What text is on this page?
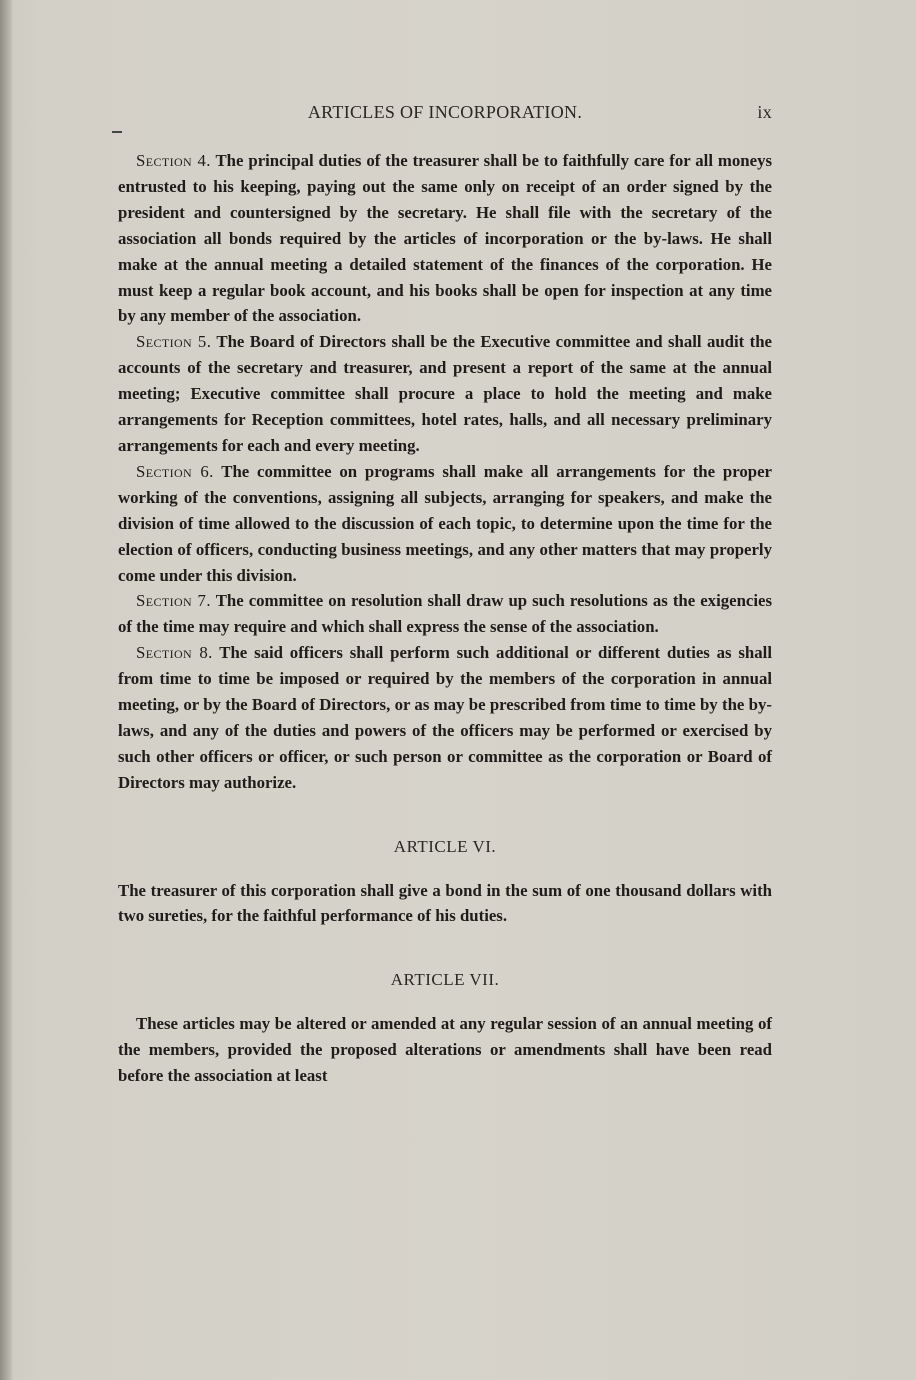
ARTICLES OF INCORPORATION.	ix

Section 4. The principal duties of the treasurer shall be to faithfully care for all moneys entrusted to his keeping, paying out the same only on receipt of an order signed by the president and countersigned by the secretary. He shall file with the secretary of the association all bonds required by the articles of incorporation or the by-laws. He shall make at the annual meeting a detailed statement of the finances of the corporation. He must keep a regular book account, and his books shall be open for inspection at any time by any member of the association.

Section 5. The Board of Directors shall be the Executive committee and shall audit the accounts of the secretary and treasurer, and present a report of the same at the annual meeting; Executive committee shall procure a place to hold the meeting and make arrangements for Reception committees, hotel rates, halls, and all necessary preliminary arrangements for each and every meeting.

Section 6. The committee on programs shall make all arrangements for the proper working of the conventions, assigning all subjects, arranging for speakers, and make the division of time allowed to the discussion of each topic, to determine upon the time for the election of officers, conducting business meetings, and any other matters that may properly come under this division.

Section 7. The committee on resolution shall draw up such resolutions as the exigencies of the time may require and which shall express the sense of the association.

Section 8. The said officers shall perform such additional or different duties as shall from time to time be imposed or required by the members of the corporation in annual meeting, or by the Board of Directors, or as may be prescribed from time to time by the by-laws, and any of the duties and powers of the officers may be performed or exercised by such other officers or officer, or such person or committee as the corporation or Board of Directors may authorize.

ARTICLE VI.

The treasurer of this corporation shall give a bond in the sum of one thousand dollars with two sureties, for the faithful performance of his duties.

ARTICLE VII.

These articles may be altered or amended at any regular session of an annual meeting of the members, provided the proposed alterations or amendments shall have been read before the association at least
